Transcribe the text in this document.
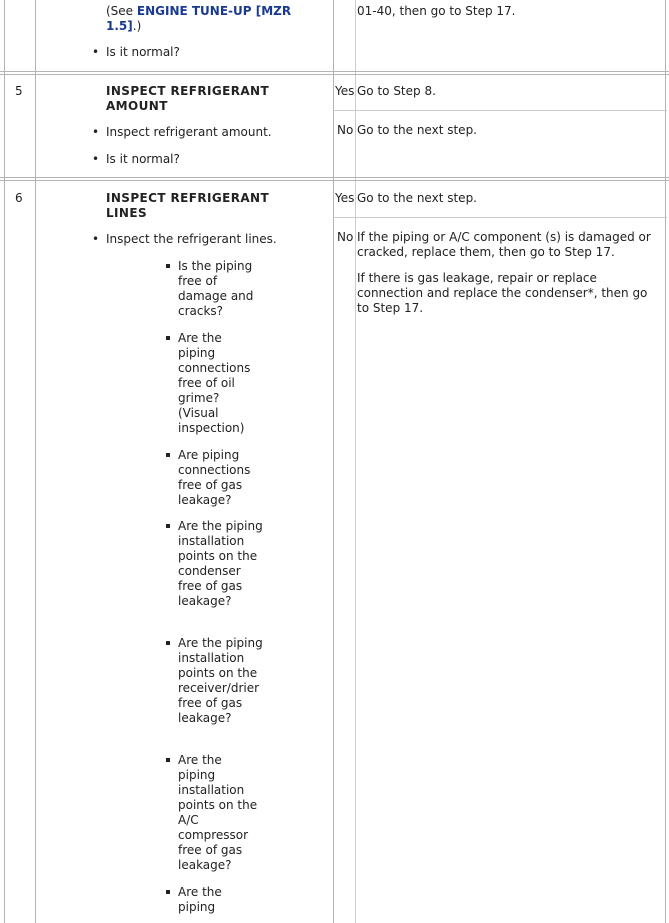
(See ENGINE TUNE-UP [MZR 1.5].)
• Is it normal?
01-40, then go to Step 17.
5	INSPECT REFRIGERANT AMOUNT
• Inspect refrigerant amount.
• Is it normal?
Yes Go to Step 8.
No Go to the next step.
6	INSPECT REFRIGERANT LINES
• Inspect the refrigerant lines.
Is the piping free of damage and cracks?
Are the piping connections free of oil grime? (Visual inspection)
Are piping connections free of gas leakage?
Are the piping installation points on the condenser free of gas leakage?
Are the piping installation points on the receiver/drier free of gas leakage?
Are the piping installation points on the A/C compressor free of gas leakage?
Are the piping
Yes Go to the next step.
No If the piping or A/C component (s) is damaged or cracked, replace them, then go to Step 17.
If there is gas leakage, repair or replace connection and replace the condenser*, then go to Step 17.
